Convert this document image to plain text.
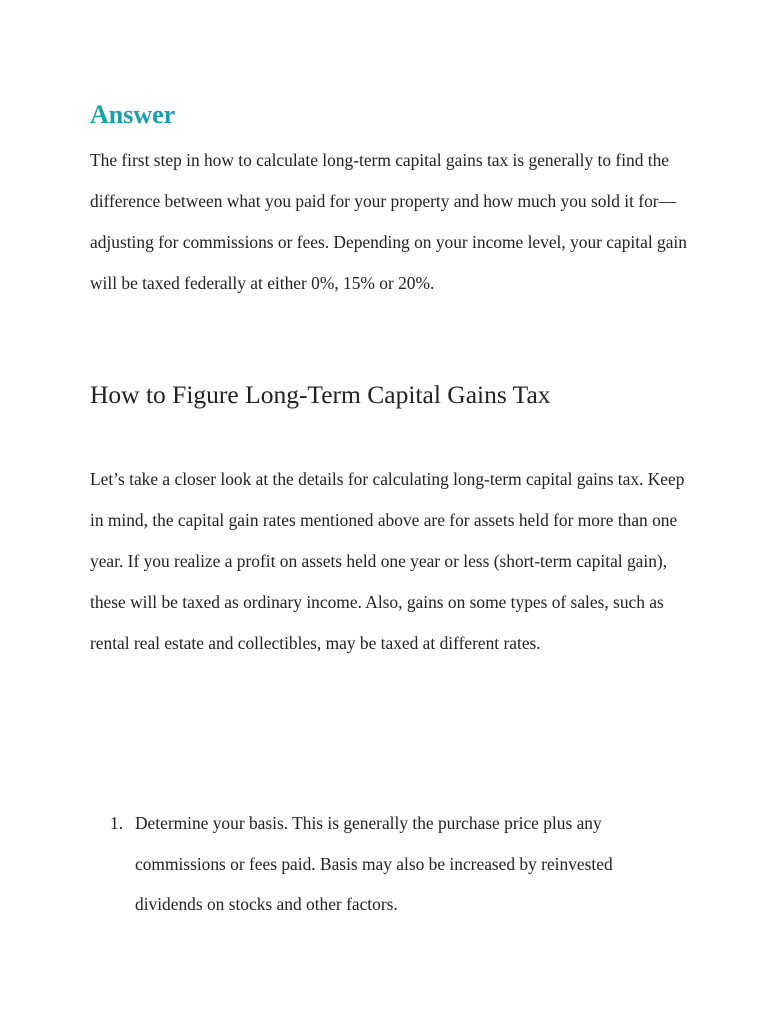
Answer

The first step in how to calculate long-term capital gains tax is generally to find the difference between what you paid for your property and how much you sold it for—adjusting for commissions or fees. Depending on your income level, your capital gain will be taxed federally at either 0%, 15% or 20%.

How to Figure Long-Term Capital Gains Tax

Let’s take a closer look at the details for calculating long-term capital gains tax. Keep in mind, the capital gain rates mentioned above are for assets held for more than one year. If you realize a profit on assets held one year or less (short-term capital gain), these will be taxed as ordinary income. Also, gains on some types of sales, such as rental real estate and collectibles, may be taxed at different rates.

1. Determine your basis. This is generally the purchase price plus any commissions or fees paid. Basis may also be increased by reinvested dividends on stocks and other factors.
